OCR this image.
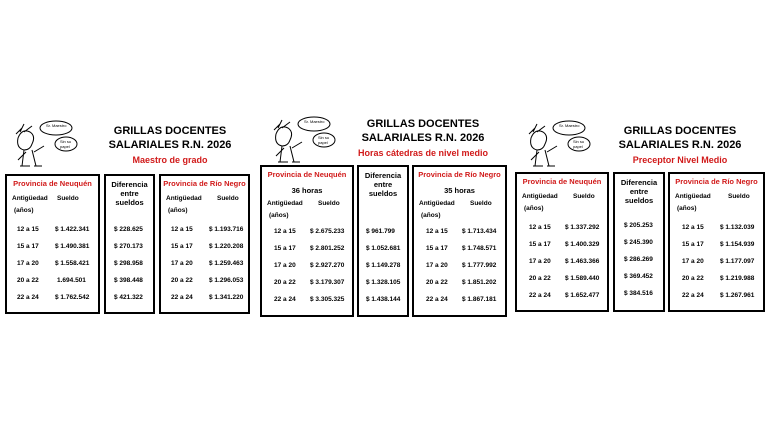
Sr. Maestro
Sin su
papel
GRILLAS DOCENTES
SALARIALES R.N. 2026
Maestro de grado
Provincia de Neuquén
Antigüedad
(años)
Sueldo
12 a 15	$ 1.422.341
15 a 17	$ 1.490.381
17 a 20	$ 1.558.421
20 a 22	1.694.501
22 a 24	$ 1.762.542
Diferencia
entre
sueldos
$ 228.625
$ 270.173
$ 298.958
$ 398.448
$ 421.322
Provincia de Río Negro
Antigüedad
(años)
Sueldo
12 a 15	$ 1.193.716
15 a 17	$ 1.220.208
17 a 20	$ 1.259.463
20 a 22	$ 1.296.053
22 a 24	$ 1.341.220
Sr. Maestro
Sin su
papel
GRILLAS DOCENTES
SALARIALES R.N. 2026
Horas cátedras de nivel medio
Provincia de Neuquén
36 horas
Antigüedad
(años)
Sueldo
12 a 15 $ 2.675.233
15 a 17 $ 2.801.252
17 a 20 $ 2.927.270
20 a 22 $ 3.179.307
22 a 24 $ 3.305.325
Diferencia
entre
sueldos
$ 961.799
$ 1.052.681
$ 1.149.278
$ 1.328.105
$ 1.438.144
Provincia de Río Negro
35 horas
Antigüedad
(años)
Sueldo
12 a 15 $ 1.713.434
15 a 17 $ 1.748.571
17 a 20 $ 1.777.992
20 a 22 $ 1.851.202
22 a 24 $ 1.867.181
Sr. Maestro
Sin su
papel
GRILLAS DOCENTES
SALARIALES R.N. 2026
Preceptor Nivel Medio
Provincia de Neuquén
Antigüedad
(años)
Sueldo
12 a 15 $ 1.337.292
15 a 17 $ 1.400.329
17 a 20 $ 1.463.366
20 a 22 $ 1.589.440
22 a 24 $ 1.652.477
Diferencia
entre
sueldos
$ 205.253
$ 245.390
$ 286.269
$ 369.452
$ 384.516
Provincia de Río Negro
Antigüedad
(años)
Sueldo
12 a 15	$ 1.132.039
15 a 17	$ 1.154.939
17 a 20	$ 1.177.097
20 a 22	$ 1.219.988
22 a 24	$ 1.267.961
